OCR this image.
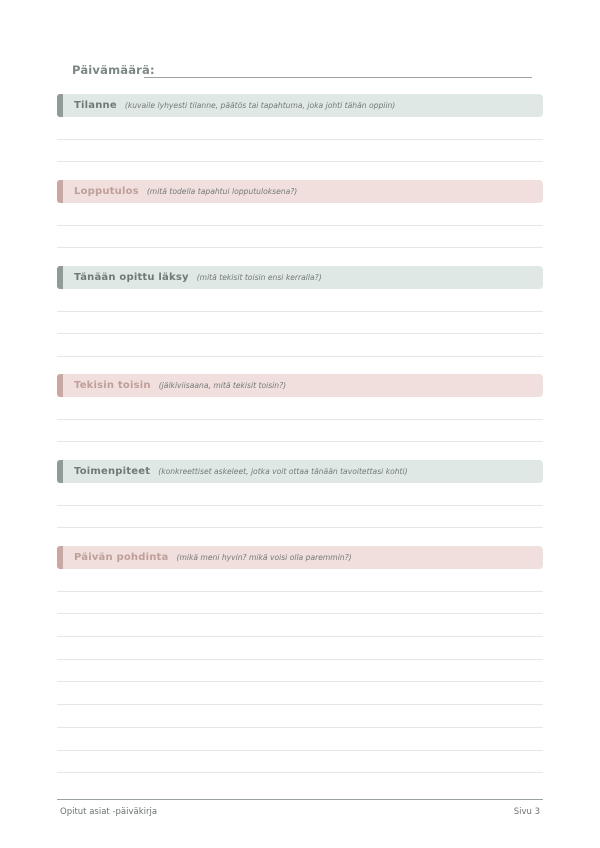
Päivämäärä:
Tilanne (kuvaile lyhyesti tilanne, päätös tai tapahtuma, joka johti tähän oppiin)
Lopputulos (mitä todella tapahtui lopputuloksena?)
Tänään opittu läksy (mitä tekisit toisin ensi kerralla?)
Tekisin toisin (jälkiviisaana, mitä tekisit toisin?)
Toimenpiteet (konkreettiset askeleet, jotka voit ottaa tänään tavoitettasi kohti)
Päivän pohdinta (mikä meni hyvin? mikä voisi olla paremmin?)
Opitut asiat -päiväkirja	Sivu 3
